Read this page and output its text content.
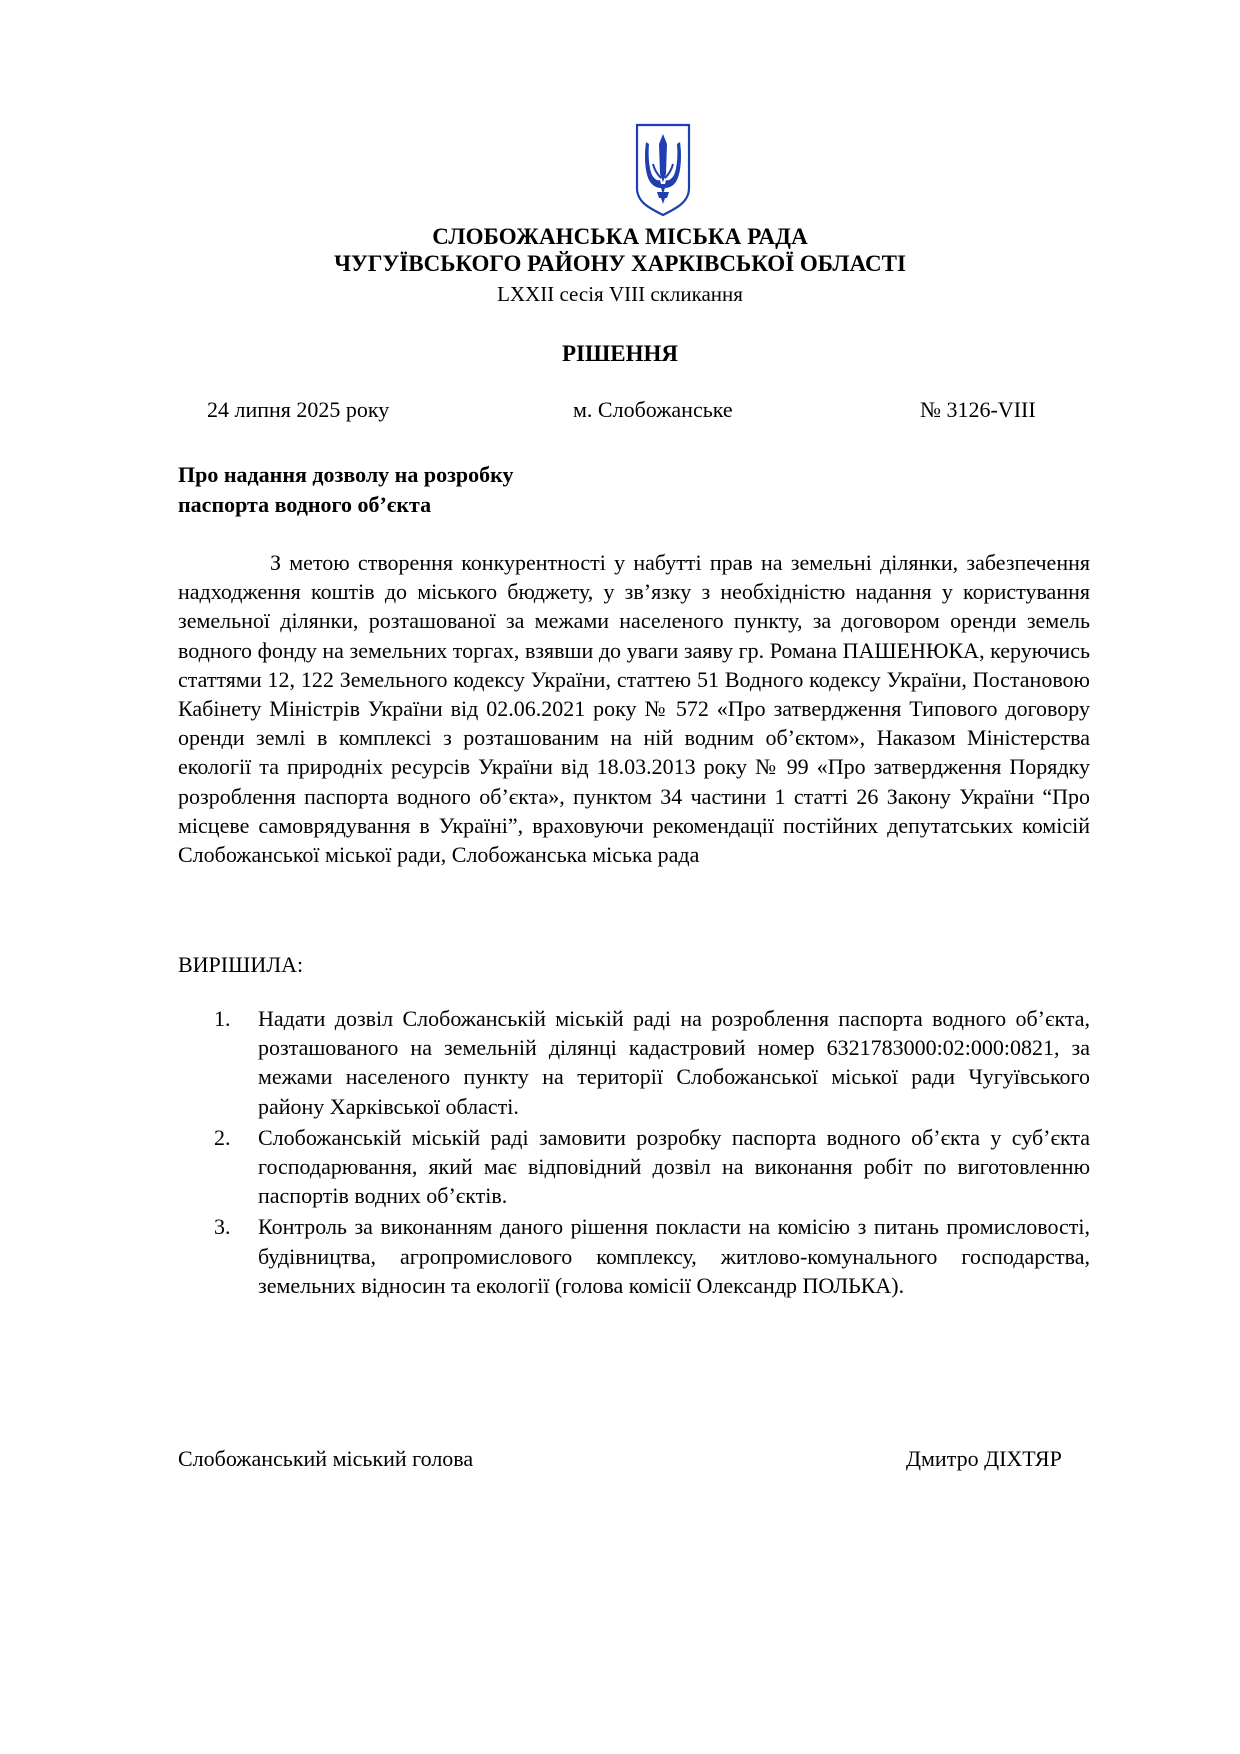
СЛОБОЖАНСЬКА МІСЬКА РАДА
ЧУГУЇВСЬКОГО РАЙОНУ ХАРКІВСЬКОЇ ОБЛАСТІ
LXXII сесія VIII скликання
РІШЕННЯ
24 липня 2025 року	м. Слобожанське	№ 3126-VIII
Про надання дозволу на розробку
паспорта водного об’єкта
З метою створення конкурентності у набутті прав на земельні ділянки, забезпечення надходження коштів до міського бюджету, у зв’язку з необхідністю надання у користування земельної ділянки, розташованої за межами населеного пункту, за договором оренди земель водного фонду на земельних торгах, взявши до уваги заяву гр. Романа ПАШЕНЮКА, керуючись статтями 12, 122 Земельного кодексу України, статтею 51 Водного кодексу України, Постановою Кабінету Міністрів України від 02.06.2021 року № 572 «Про затвердження Типового договору оренди землі в комплексі з розташованим на ній водним об’єктом», Наказом Міністерства екології та природніх ресурсів України від 18.03.2013 року № 99 «Про затвердження Порядку розроблення паспорта водного об’єкта», пунктом 34 частини 1 статті 26 Закону України “Про місцеве самоврядування в Україні”, враховуючи рекомендації постійних депутатських комісій Слобожанської міської ради, Слобожанська міська рада
ВИРІШИЛА:
1. Надати дозвіл Слобожанській міській раді на розроблення паспорта водного об’єкта, розташованого на земельній ділянці кадастровий номер 6321783000:02:000:0821, за межами населеного пункту на території Слобожанської міської ради Чугуївського району Харківської області.
2. Слобожанській міській раді замовити розробку паспорта водного об’єкта у суб’єкта господарювання, який має відповідний дозвіл на виконання робіт по виготовленню паспортів водних об’єктів.
3. Контроль за виконанням даного рішення покласти на комісію з питань промисловості, будівництва, агропромислового комплексу, житлово-комунального господарства, земельних відносин та екології (голова комісії Олександр ПОЛЬКА).
Слобожанський міський голова	Дмитро ДІХТЯР
